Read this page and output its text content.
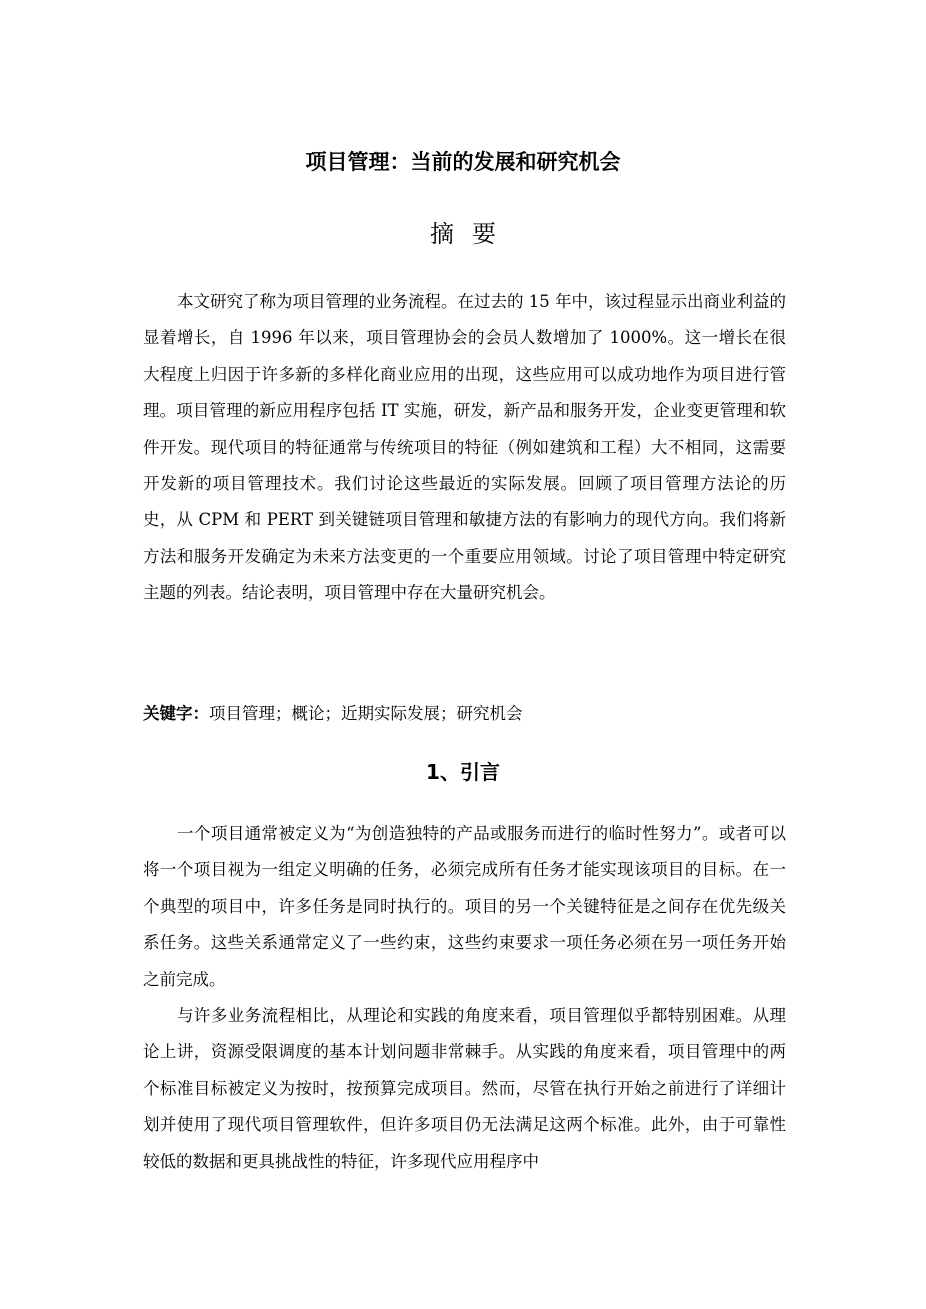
项目管理：当前的发展和研究机会
摘要

本文研究了称为项目管理的业务流程。在过去的 15 年中，该过程显示出商业利益的显着增长，自 1996 年以来，项目管理协会的会员人数增加了 1000%。这一增长在很大程度上归因于许多新的多样化商业应用的出现，这些应用可以成功地作为项目进行管理。项目管理的新应用程序包括 IT 实施，研发，新产品和服务开发，企业变更管理和软件开发。现代项目的特征通常与传统项目的特征（例如建筑和工程）大不相同，这需要开发新的项目管理技术。我们讨论这些最近的实际发展。回顾了项目管理方法论的历史，从 CPM 和 PERT 到关键链项目管理和敏捷方法的有影响力的现代方向。我们将新方法和服务开发确定为未来方法变更的一个重要应用领域。讨论了项目管理中特定研究主题的列表。结论表明，项目管理中存在大量研究机会。

关键字：项目管理；概论；近期实际发展；研究机会
1、引言

一个项目通常被定义为“为创造独特的产品或服务而进行的临时性努力”。或者可以将一个项目视为一组定义明确的任务，必须完成所有任务才能实现该项目的目标。在一个典型的项目中，许多任务是同时执行的。项目的另一个关键特征是之间存在优先级关系任务。这些关系通常定义了一些约束，这些约束要求一项任务必须在另一项任务开始之前完成。

与许多业务流程相比，从理论和实践的角度来看，项目管理似乎都特别困难。从理论上讲，资源受限调度的基本计划问题非常棘手。从实践的角度来看，项目管理中的两个标准目标被定义为按时，按预算完成项目。然而，尽管在执行开始之前进行了详细计划并使用了现代项目管理软件，但许多项目仍无法满足这两个标准。此外，由于可靠性较低的数据和更具挑战性的特征，许多现代应用程序中
